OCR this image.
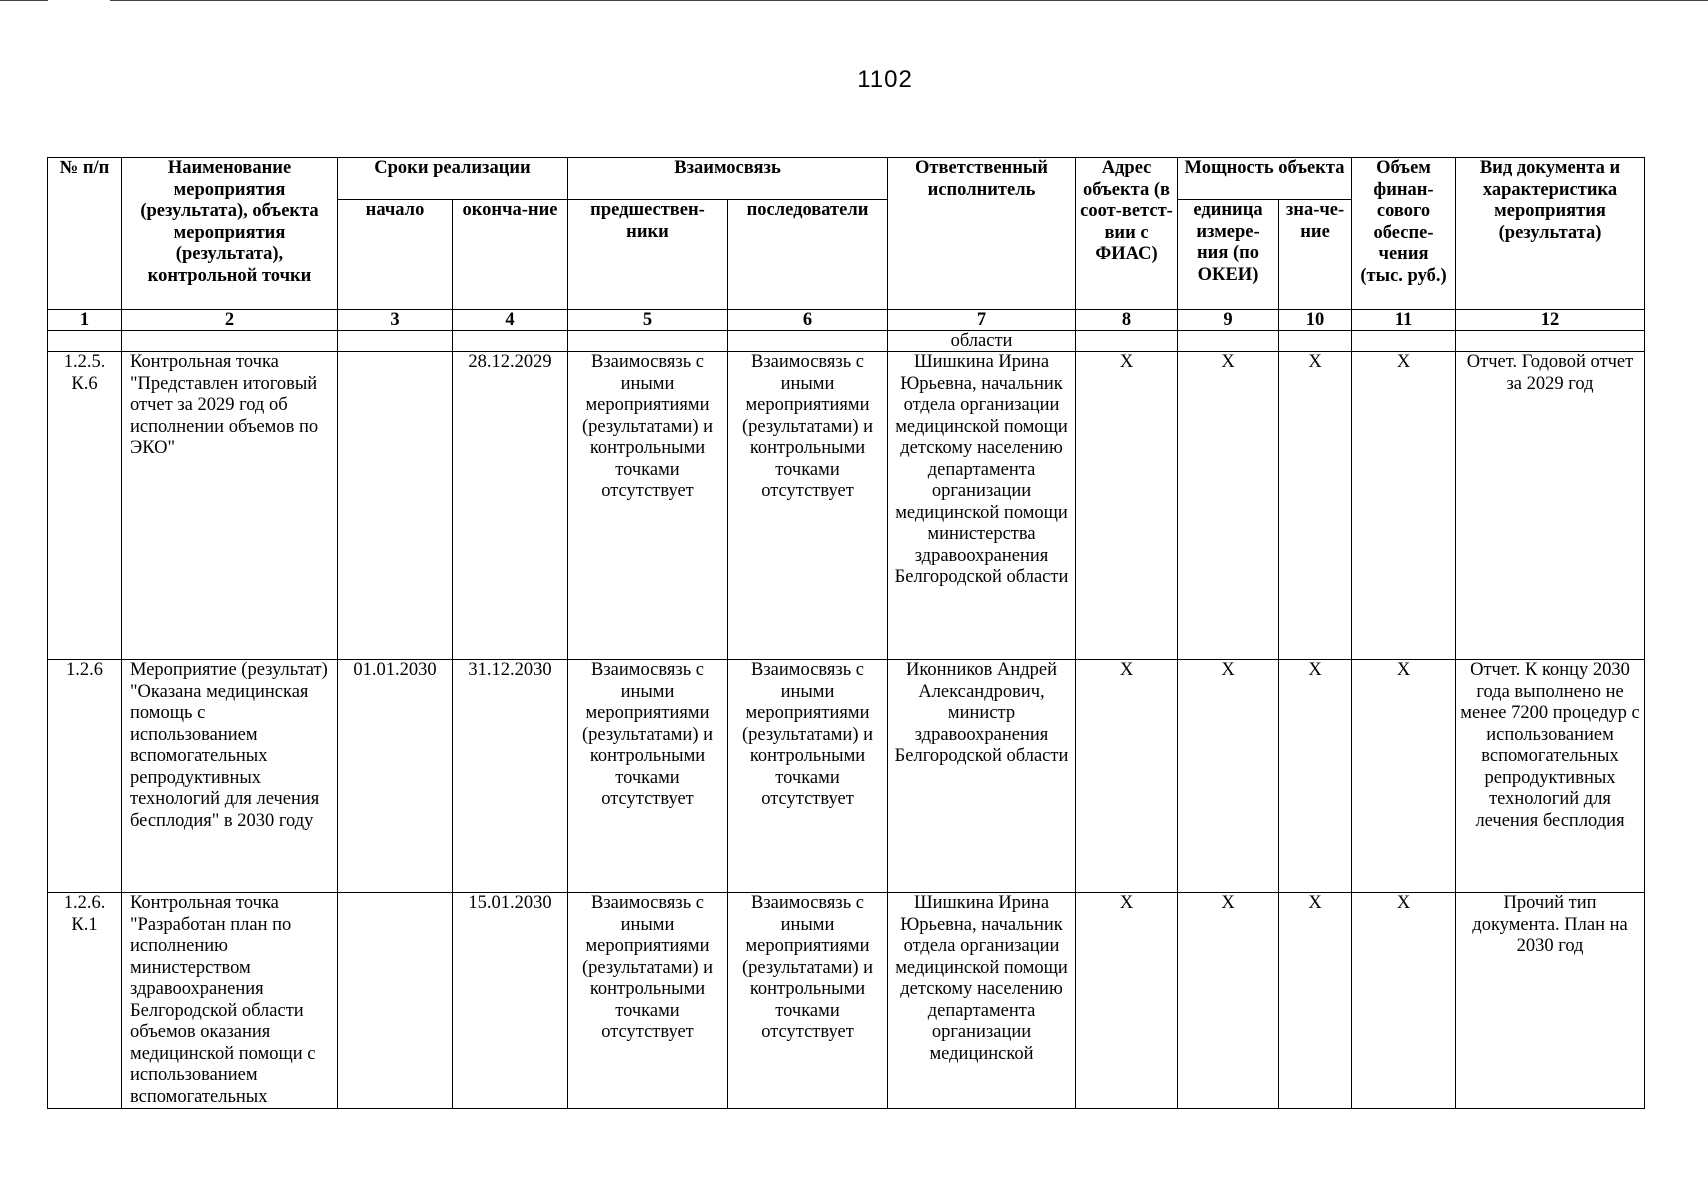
1102
№ п/п	Наименование мероприятия (результата), объекта мероприятия (результата), контрольной точки	Сроки реализации		Взаимосвязь		Ответственный исполнитель	Адрес объекта (в соот-ветст-вии с ФИАС)	Мощность объекта		Объем финан-сового обеспе-чения (тыс. руб.)	Вид документа и характеристика мероприятия (результата)
		начало	оконча-ние	предшествен-ники	последователи			единица измере-ния (по ОКЕИ)	зна-че-ние		
1	2	3	4	5	6	7	8	9	10	11	12
						области					
1.2.5. К.6	Контрольная точка "Представлен итоговый отчет за 2029 год об исполнении объемов по ЭКО"		28.12.2029	Взаимосвязь с иными мероприятиями (результатами) и контрольными точками отсутствует	Взаимосвязь с иными мероприятиями (результатами) и контрольными точками отсутствует	Шишкина Ирина Юрьевна, начальник отдела организации медицинской помощи детскому населению департамента организации медицинской помощи министерства здравоохранения Белгородской области	Х	Х	Х	Х	Отчет. Годовой отчет за 2029 год
1.2.6	Мероприятие (результат) "Оказана медицинская помощь с использованием вспомогательных репродуктивных технологий для лечения бесплодия" в 2030 году	01.01.2030	31.12.2030	Взаимосвязь с иными мероприятиями (результатами) и контрольными точками отсутствует	Взаимосвязь с иными мероприятиями (результатами) и контрольными точками отсутствует	Иконников Андрей Александрович, министр здравоохранения Белгородской области	Х	Х	Х	Х	Отчет. К концу 2030 года выполнено не менее 7200 процедур с использованием вспомогательных репродуктивных технологий для лечения бесплодия
1.2.6. К.1	Контрольная точка "Разработан план по исполнению министерством здравоохранения Белгородской области объемов оказания медицинской помощи с использованием вспомогательных		15.01.2030	Взаимосвязь с иными мероприятиями (результатами) и контрольными точками отсутствует	Взаимосвязь с иными мероприятиями (результатами) и контрольными точками отсутствует	Шишкина Ирина Юрьевна, начальник отдела организации медицинской помощи детскому населению департамента организации медицинской	Х	Х	Х	Х	Прочий тип документа. План на 2030 год
